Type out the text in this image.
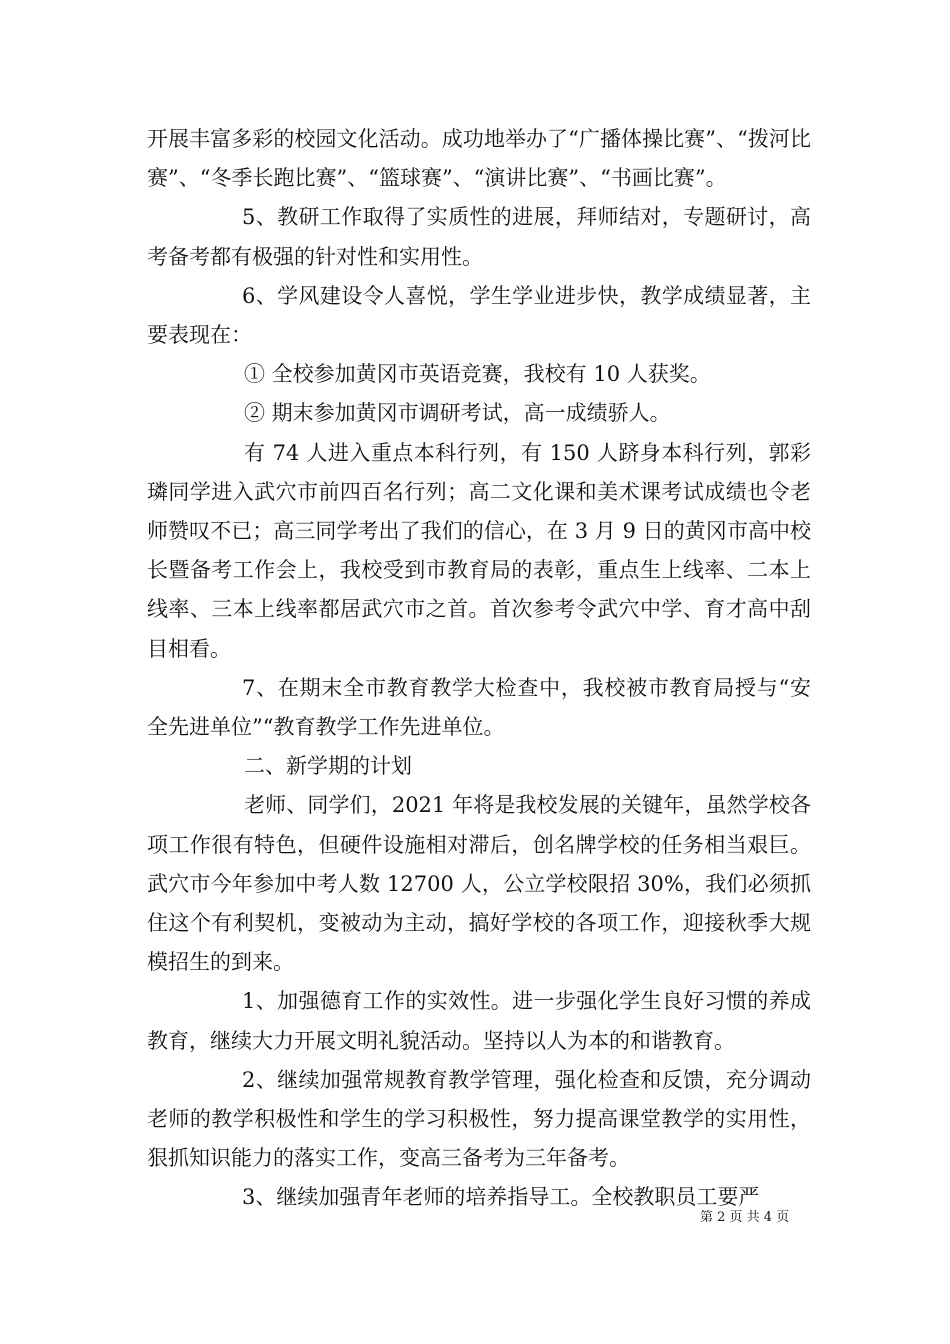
开展丰富多彩的校园文化活动。成功地举办了“广播体操比赛”、“拨河比赛”、“冬季长跑比赛”、“篮球赛”、“演讲比赛”、“书画比赛”。

5、教研工作取得了实质性的进展，拜师结对，专题研讨，高考备考都有极强的针对性和实用性。

6、学风建设令人喜悦，学生学业进步快，教学成绩显著，主要表现在：

① 全校参加黄冈市英语竞赛，我校有 10 人获奖。

② 期末参加黄冈市调研考试，高一成绩骄人。

有 74 人进入重点本科行列，有 150 人跻身本科行列，郭彩璘同学进入武穴市前四百名行列；高二文化课和美术课考试成绩也令老师赞叹不已；高三同学考出了我们的信心，在 3 月 9 日的黄冈市高中校长暨备考工作会上，我校受到市教育局的表彰，重点生上线率、二本上线率、三本上线率都居武穴市之首。首次参考令武穴中学、育才高中刮目相看。

7、在期末全市教育教学大检查中，我校被市教育局授与“安全先进单位”“教育教学工作先进单位。

二、新学期的计划

老师、同学们，2021 年将是我校发展的关键年，虽然学校各项工作很有特色，但硬件设施相对滞后，创名牌学校的任务相当艰巨。武穴市今年参加中考人数 12700 人，公立学校限招 30%，我们必须抓住这个有利契机，变被动为主动，搞好学校的各项工作，迎接秋季大规模招生的到来。

1、加强德育工作的实效性。进一步强化学生良好习惯的养成教育，继续大力开展文明礼貌活动。坚持以人为本的和谐教育。

2、继续加强常规教育教学管理，强化检查和反馈，充分调动老师的教学积极性和学生的学习积极性，努力提高课堂教学的实用性，狠抓知识能力的落实工作，变高三备考为三年备考。

3、继续加强青年老师的培养指导工。全校教职员工要严

第 2 页 共 4 页
